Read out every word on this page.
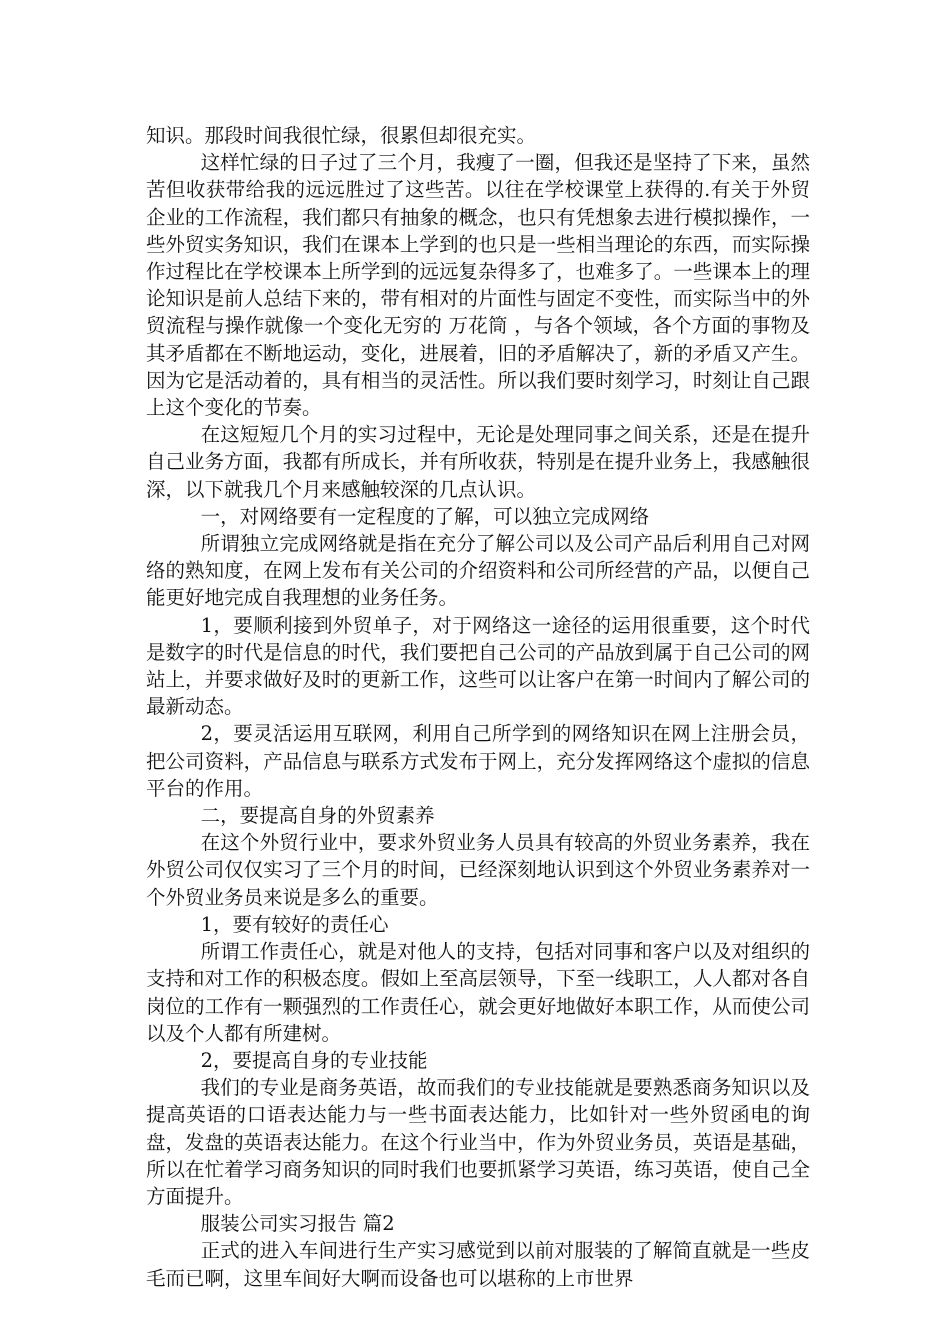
知识。那段时间我很忙绿，很累但却很充实。

这样忙绿的日子过了三个月，我瘦了一圈，但我还是坚持了下来，虽然苦但收获带给我的远远胜过了这些苦。以往在学校课堂上获得的.有关于外贸企业的工作流程，我们都只有抽象的概念，也只有凭想象去进行模拟操作，一些外贸实务知识，我们在课本上学到的也只是一些相当理论的东西，而实际操作过程比在学校课本上所学到的远远复杂得多了，也难多了。一些课本上的理论知识是前人总结下来的，带有相对的片面性与固定不变性，而实际当中的外贸流程与操作就像一个变化无穷的 万花筒 ，与各个领域，各个方面的事物及其矛盾都在不断地运动，变化，进展着，旧的矛盾解决了，新的矛盾又产生。因为它是活动着的，具有相当的灵活性。所以我们要时刻学习，时刻让自己跟上这个变化的节奏。

在这短短几个月的实习过程中，无论是处理同事之间关系，还是在提升自己业务方面，我都有所成长，并有所收获，特别是在提升业务上，我感触很深，以下就我几个月来感触较深的几点认识。

一，对网络要有一定程度的了解，可以独立完成网络

所谓独立完成网络就是指在充分了解公司以及公司产品后利用自己对网络的熟知度，在网上发布有关公司的介绍资料和公司所经营的产品，以便自己能更好地完成自我理想的业务任务。

1，要顺利接到外贸单子，对于网络这一途径的运用很重要，这个时代是数字的时代是信息的时代，我们要把自己公司的产品放到属于自己公司的网站上，并要求做好及时的更新工作，这些可以让客户在第一时间内了解公司的最新动态。

2，要灵活运用互联网，利用自己所学到的网络知识在网上注册会员，把公司资料，产品信息与联系方式发布于网上，充分发挥网络这个虚拟的信息平台的作用。

二，要提高自身的外贸素养

在这个外贸行业中，要求外贸业务人员具有较高的外贸业务素养，我在外贸公司仅仅实习了三个月的时间，已经深刻地认识到这个外贸业务素养对一个外贸业务员来说是多么的重要。

1，要有较好的责任心

所谓工作责任心，就是对他人的支持，包括对同事和客户以及对组织的支持和对工作的积极态度。假如上至高层领导，下至一线职工，人人都对各自岗位的工作有一颗强烈的工作责任心，就会更好地做好本职工作，从而使公司以及个人都有所建树。

2，要提高自身的专业技能

我们的专业是商务英语，故而我们的专业技能就是要熟悉商务知识以及提高英语的口语表达能力与一些书面表达能力，比如针对一些外贸函电的询盘，发盘的英语表达能力。在这个行业当中，作为外贸业务员，英语是基础，所以在忙着学习商务知识的同时我们也要抓紧学习英语，练习英语，使自己全方面提升。

服装公司实习报告 篇2

正式的进入车间进行生产实习感觉到以前对服装的了解简直就是一些皮毛而已啊，这里车间好大啊而设备也可以堪称的上市世界
